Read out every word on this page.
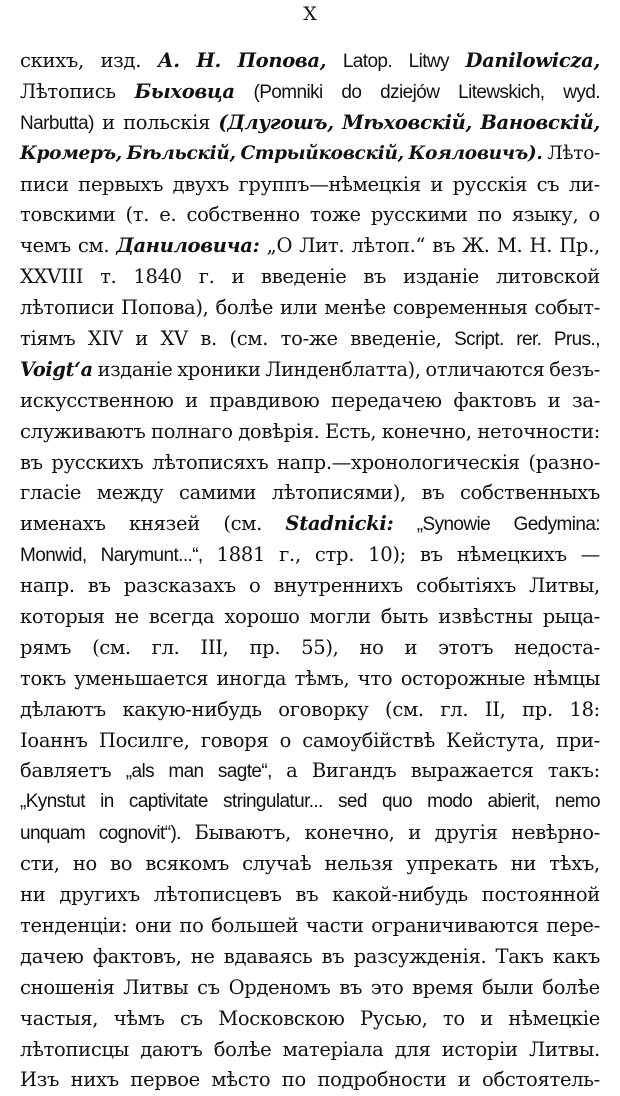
X
скихъ, изд. А. Н. Попова, Latop. Litwy Danilowicza,
Лѣтопись Быховца (Pomniki do dziejów Litewskich, wyd.
Narbutta) и польскія (Длугошъ, Мѣховскій, Вановскій,
Кромеръ, Бѣльскій, Стрыйковскій, Кояловичъ). Лѣто-
писи первыхъ двухъ группъ—нѣмецкія и русскія съ ли-
товскими (т. е. собственно тоже русскими по языку, о
чемъ см. Даниловича: „О Лит. лѣтоп.“ въ Ж. М. Н. Пр.,
XXVIII т. 1840 г. и введеніе въ изданіе литовской
лѣтописи Попова), болѣе или менѣе современныя событ-
тіямъ XIV и XV в. (см. то-же введеніе, Script. rer. Prus.,
Voigt‘а изданіе хроники Линденблатта), отличаются безъ-
искусственною и правдивою передачею фактовъ и за-
служиваютъ полнаго довѣрія. Есть, конечно, неточности:
въ русскихъ лѣтописяхъ напр.—хронологическія (разно-
гласіе между самими лѣтописями), въ собственныхъ
именахъ князей (см. Stadnicki: „Synowie Gedymina:
Monwid, Narymunt...“, 1881 г., стр. 10); въ нѣмецкихъ —
напр. въ разсказахъ о внутреннихъ событіяхъ Литвы,
которыя не всегда хорошо могли быть извѣстны рыца-
рямъ (см. гл. III, пр. 55), но и этотъ недоста-
токъ уменьшается иногда тѣмъ, что осторожные нѣмцы
дѣлаютъ какую-нибудь оговорку (см. гл. II, пр. 18:
Іоаннъ Посилге, говоря о самоубійствѣ Кейстута, при-
бавляетъ „als man sagte“, а Вигандъ выражается такъ:
„Kynstut in captivitate stringulatur... sed quo modo abierit, nemo
unquam cognovit“). Бываютъ, конечно, и другія невѣрно-
сти, но во всякомъ случаѣ нельзя упрекать ни тѣхъ,
ни другихъ лѣтописцевъ въ какой-нибудь постоянной
тенденціи: они по большей части ограничиваются пере-
дачею фактовъ, не вдаваясь въ разсужденія. Такъ какъ
сношенія Литвы съ Орденомъ въ это время были болѣе
частыя, чѣмъ съ Московскою Русью, то и нѣмецкіе
лѣтописцы даютъ болѣе матеріала для исторіи Литвы.
Изъ нихъ первое мѣсто по подробности и обстоятель-
